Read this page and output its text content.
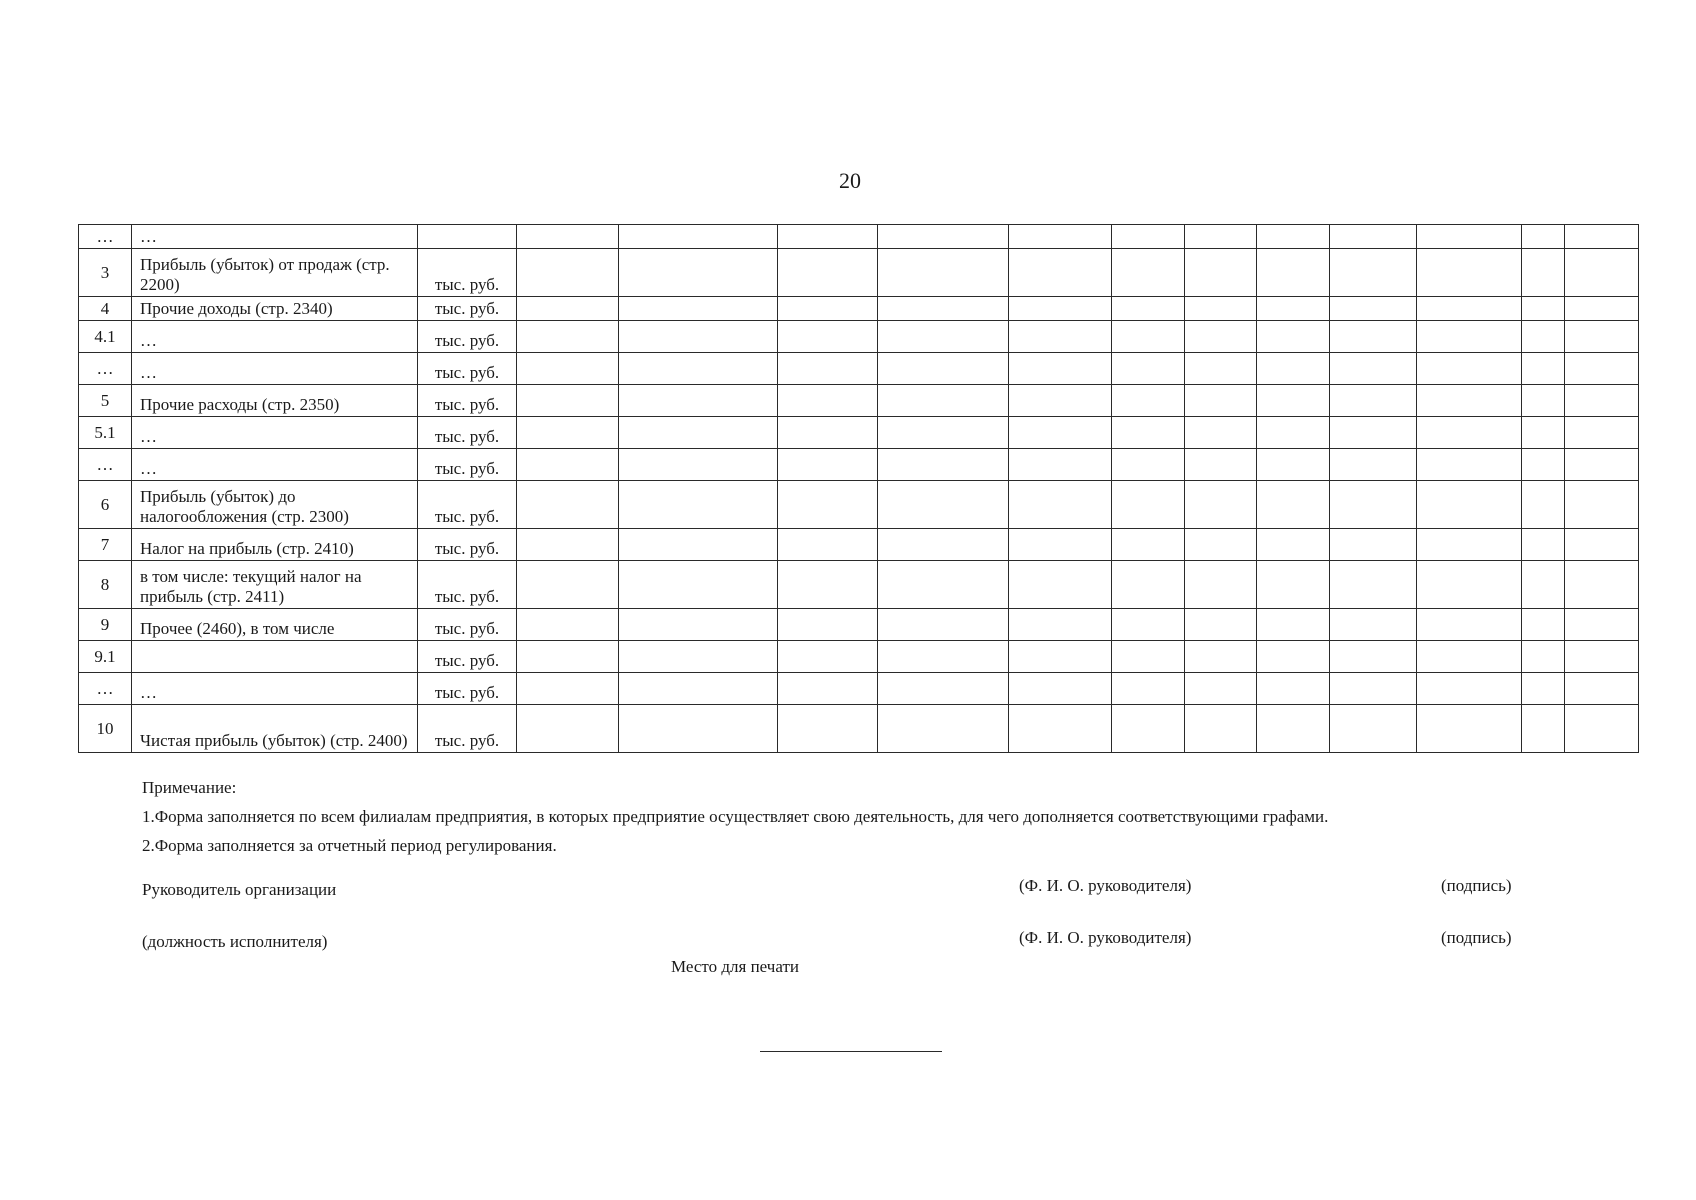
20
…	…													
3	Прибыль (убыток) от продаж (стр. 2200)	тыс. руб.												
4	Прочие доходы (стр. 2340)	тыс. руб.												
4.1	…	тыс. руб.												
…	…	тыс. руб.												
5	Прочие расходы (стр. 2350)	тыс. руб.												
5.1	…	тыс. руб.												
…	…	тыс. руб.												
6	Прибыль (убыток) до налогообложения (стр. 2300)	тыс. руб.												
7	Налог на прибыль (стр. 2410)	тыс. руб.												
8	в том числе: текущий налог на прибыль (стр. 2411)	тыс. руб.												
9	Прочее (2460), в том числе	тыс. руб.												
9.1		тыс. руб.												
…	…	тыс. руб.												
10	Чистая прибыль (убыток) (стр. 2400)	тыс. руб.												
Примечание:
1.Форма заполняется по всем филиалам предприятия, в которых предприятие осуществляет свою деятельность, для чего дополняется соответствующими графами.
2.Форма заполняется за отчетный период регулирования.
Руководитель организации	(Ф. И. О. руководителя)	(подпись)
(должность исполнителя)	(Ф. И. О. руководителя)	(подпись)
Место для печати
